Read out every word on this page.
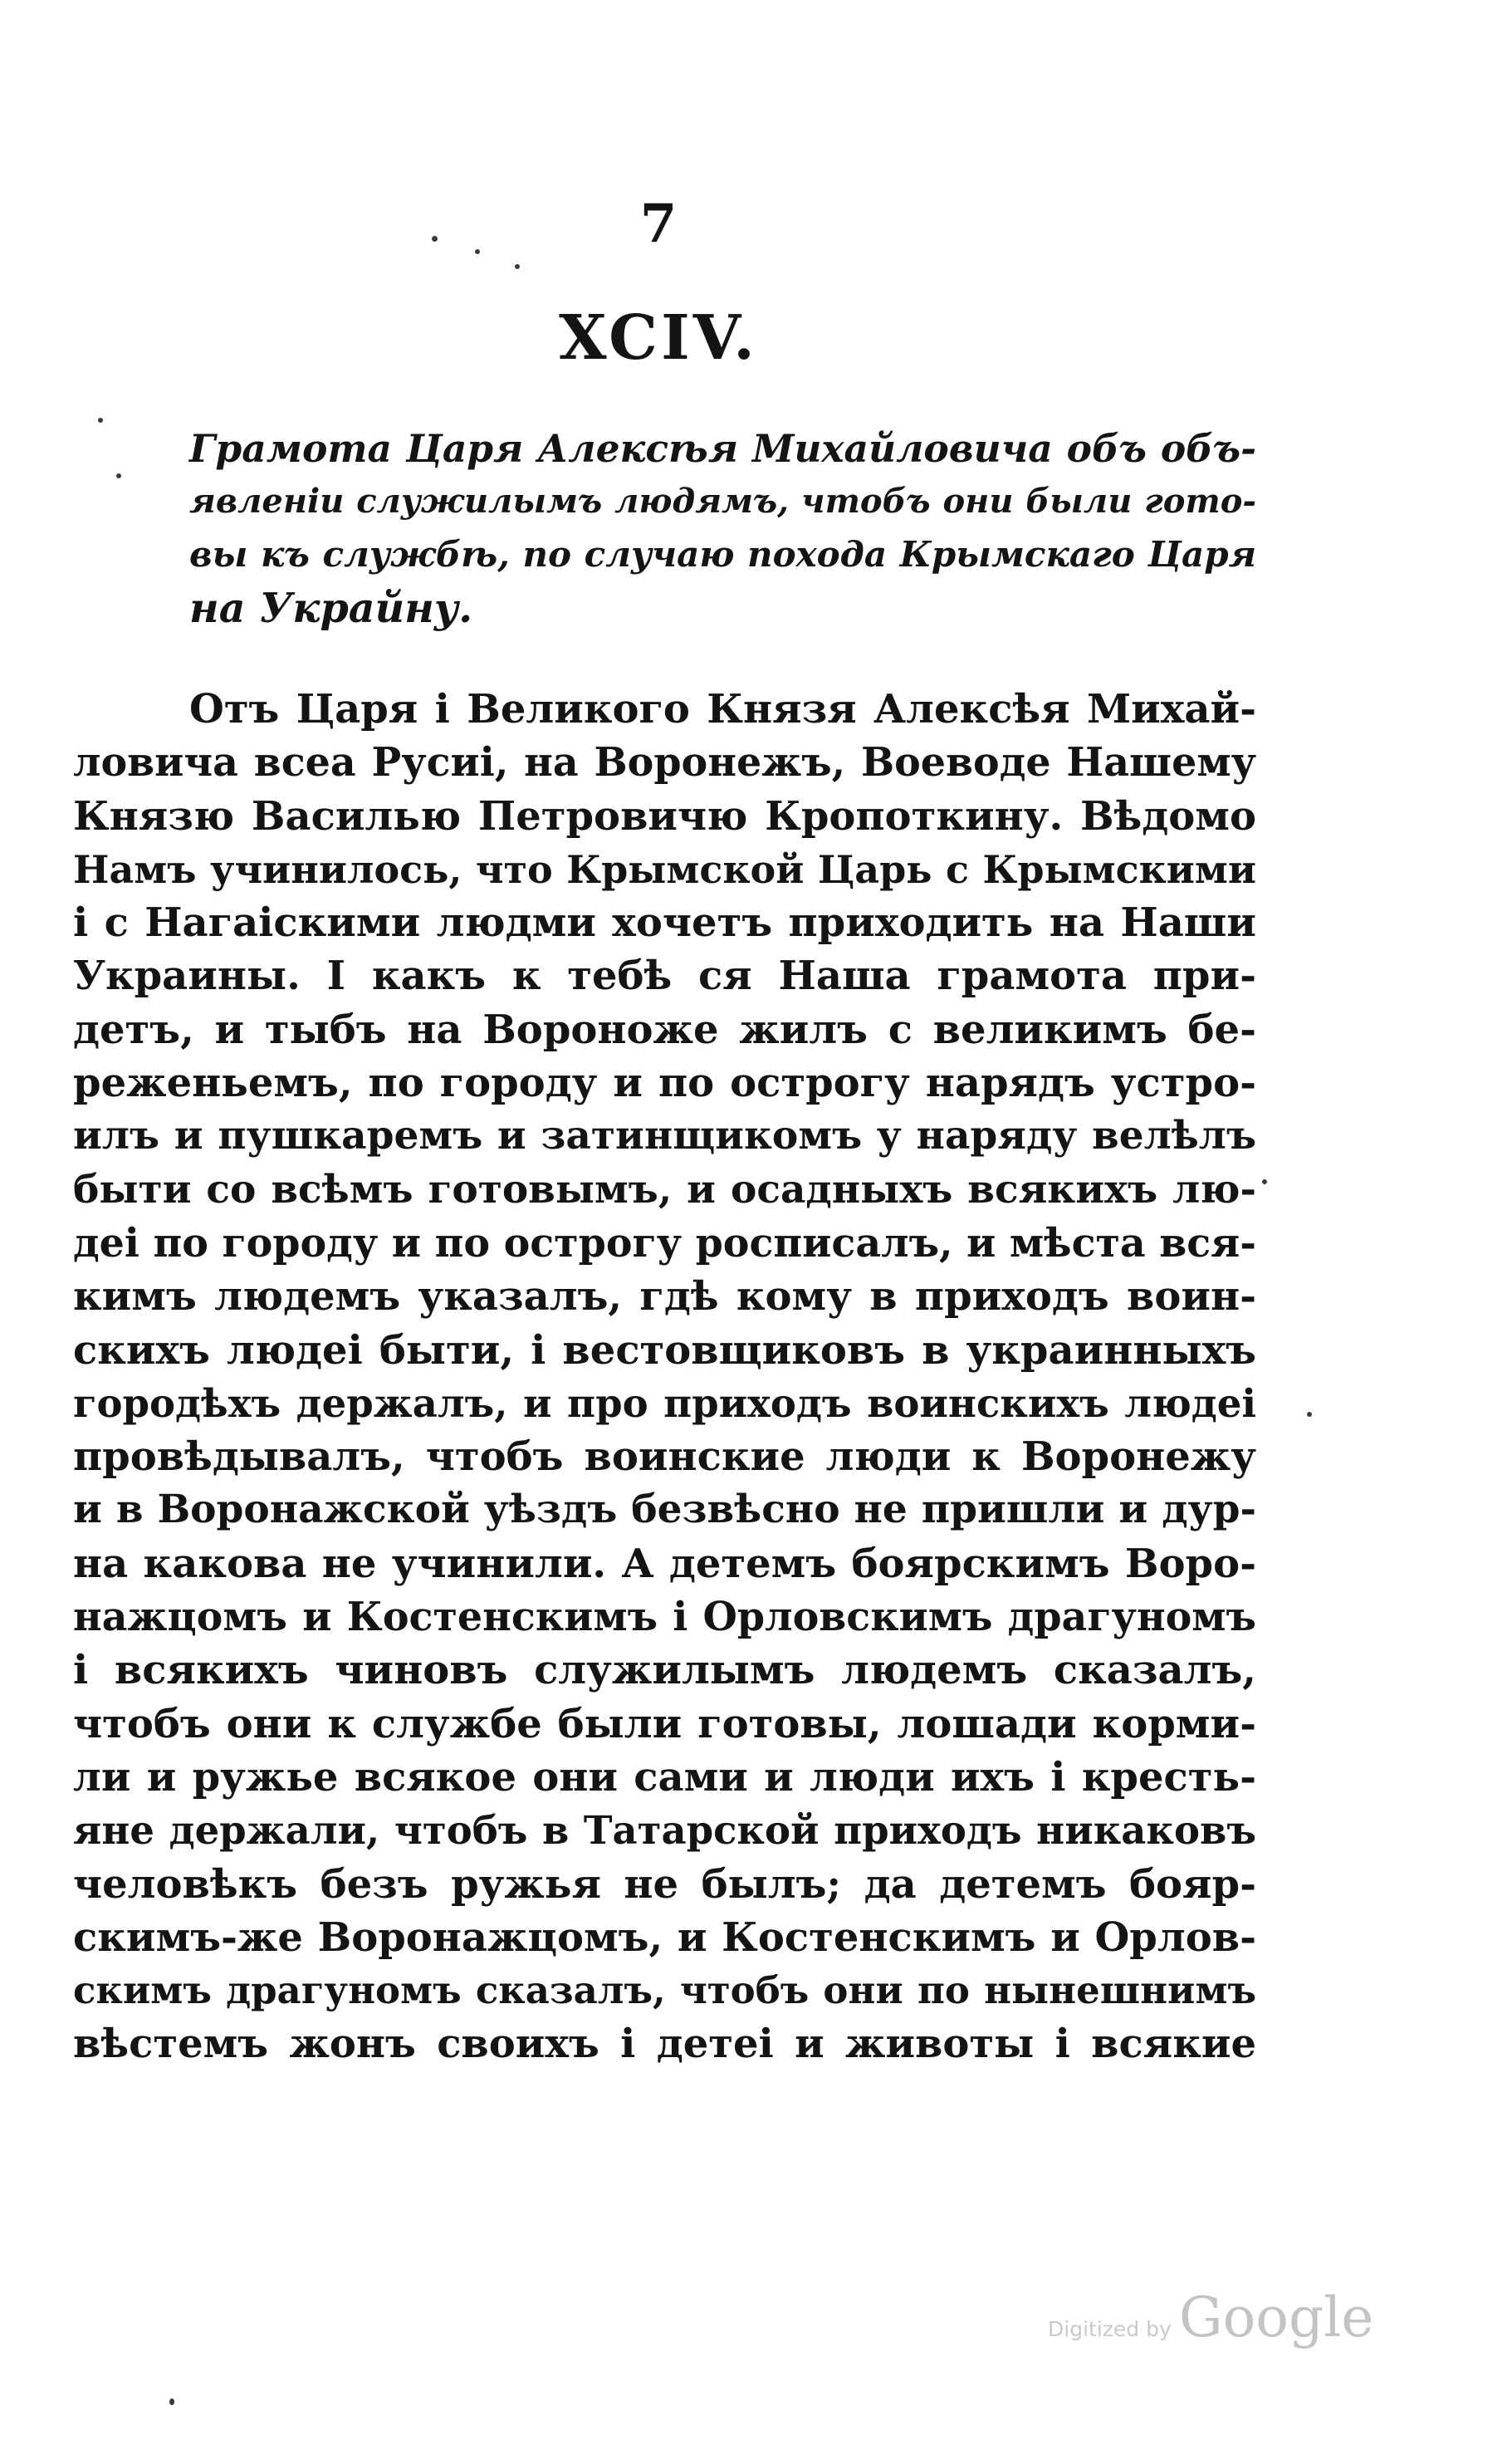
7
XCIV.
Грамота Царя Алексѣя Михайловича объ объ-
явленіи служилымъ людямъ, чтобъ они были гото-
вы къ службѣ, по случаю похода Крымскаго Царя
на Украйну.
Отъ Царя і Великого Князя Алексѣя Михай-
ловича всеа Русиі, на Воронежъ, Воеводе Нашему
Князю Василью Петровичю Кропоткину. Вѣдомо
Намъ учинилось, что Крымской Царь с Крымскими
і с Нагаіскими людми хочетъ приходить на Наши
Украины. І какъ к тебѣ ся Наша грамота при-
детъ, и тыбъ на Вороноже жилъ с великимъ бе-
реженьемъ, по городу и по острогу нарядъ устро-
илъ и пушкаремъ и затинщикомъ у наряду велѣлъ
быти со всѣмъ готовымъ, и осадныхъ всякихъ лю-
деі по городу и по острогу росписалъ, и мѣста вся-
кимъ людемъ указалъ, гдѣ кому в приходъ воин-
скихъ людеі быти, і вестовщиковъ в украинныхъ
городѣхъ держалъ, и про приходъ воинскихъ людеі
провѣдывалъ, чтобъ воинские люди к Воронежу
и в Воронажской уѣздъ безвѣсно не пришли и дур-
на какова не учинили. А детемъ боярскимъ Воро-
нажцомъ и Костенскимъ і Орловскимъ драгуномъ
і всякихъ чиновъ служилымъ людемъ сказалъ,
чтобъ они к службе были готовы, лошади корми-
ли и ружье всякое они сами и люди ихъ і кресть-
яне держали, чтобъ в Татарской приходъ никаковъ
человѣкъ безъ ружья не былъ; да детемъ бояр-
скимъ-же Воронажцомъ, и Костенскимъ и Орлов-
скимъ драгуномъ сказалъ, чтобъ они по нынешнимъ
вѣстемъ жонъ своихъ і детеі и животы і всякие
Digitized by Google
